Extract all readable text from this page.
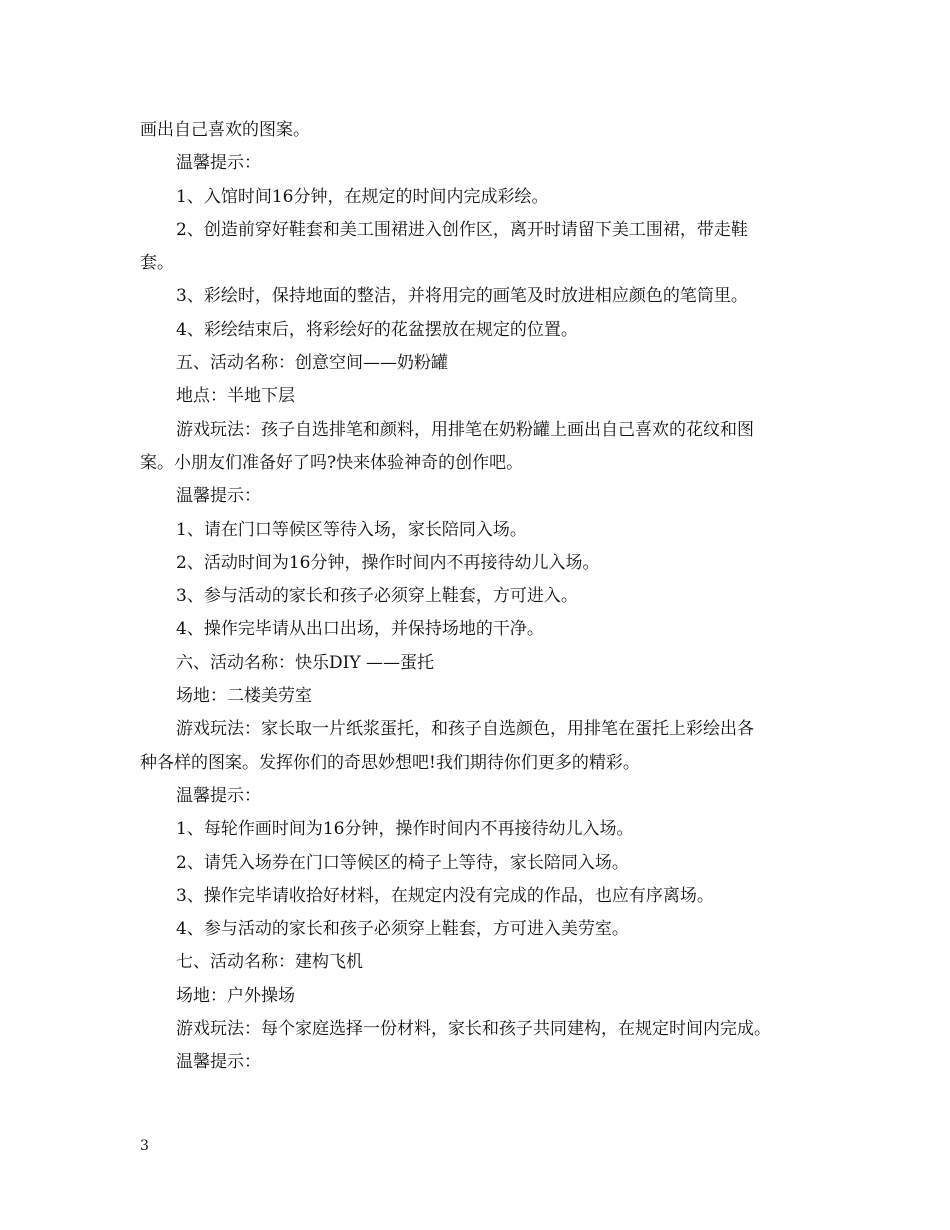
画出自己喜欢的图案。
温馨提示：
1、入馆时间16分钟，在规定的时间内完成彩绘。
2、创造前穿好鞋套和美工围裙进入创作区，离开时请留下美工围裙，带走鞋
套。
3、彩绘时，保持地面的整洁，并将用完的画笔及时放进相应颜色的笔筒里。
4、彩绘结束后，将彩绘好的花盆摆放在规定的位置。
五、活动名称：创意空间——奶粉罐
地点：半地下层
游戏玩法：孩子自选排笔和颜料，用排笔在奶粉罐上画出自己喜欢的花纹和图
案。小朋友们准备好了吗?快来体验神奇的创作吧。
温馨提示：
1、请在门口等候区等待入场，家长陪同入场。
2、活动时间为16分钟，操作时间内不再接待幼儿入场。
3、参与活动的家长和孩子必须穿上鞋套，方可进入。
4、操作完毕请从出口出场，并保持场地的干净。
六、活动名称：快乐DIY ——蛋托
场地：二楼美劳室
游戏玩法：家长取一片纸浆蛋托，和孩子自选颜色，用排笔在蛋托上彩绘出各
种各样的图案。发挥你们的奇思妙想吧!我们期待你们更多的精彩。
温馨提示：
1、每轮作画时间为16分钟，操作时间内不再接待幼儿入场。
2、请凭入场券在门口等候区的椅子上等待，家长陪同入场。
3、操作完毕请收拾好材料，在规定内没有完成的作品，也应有序离场。
4、参与活动的家长和孩子必须穿上鞋套，方可进入美劳室。
七、活动名称：建构飞机
场地：户外操场
游戏玩法：每个家庭选择一份材料，家长和孩子共同建构，在规定时间内完成。
温馨提示：
3
